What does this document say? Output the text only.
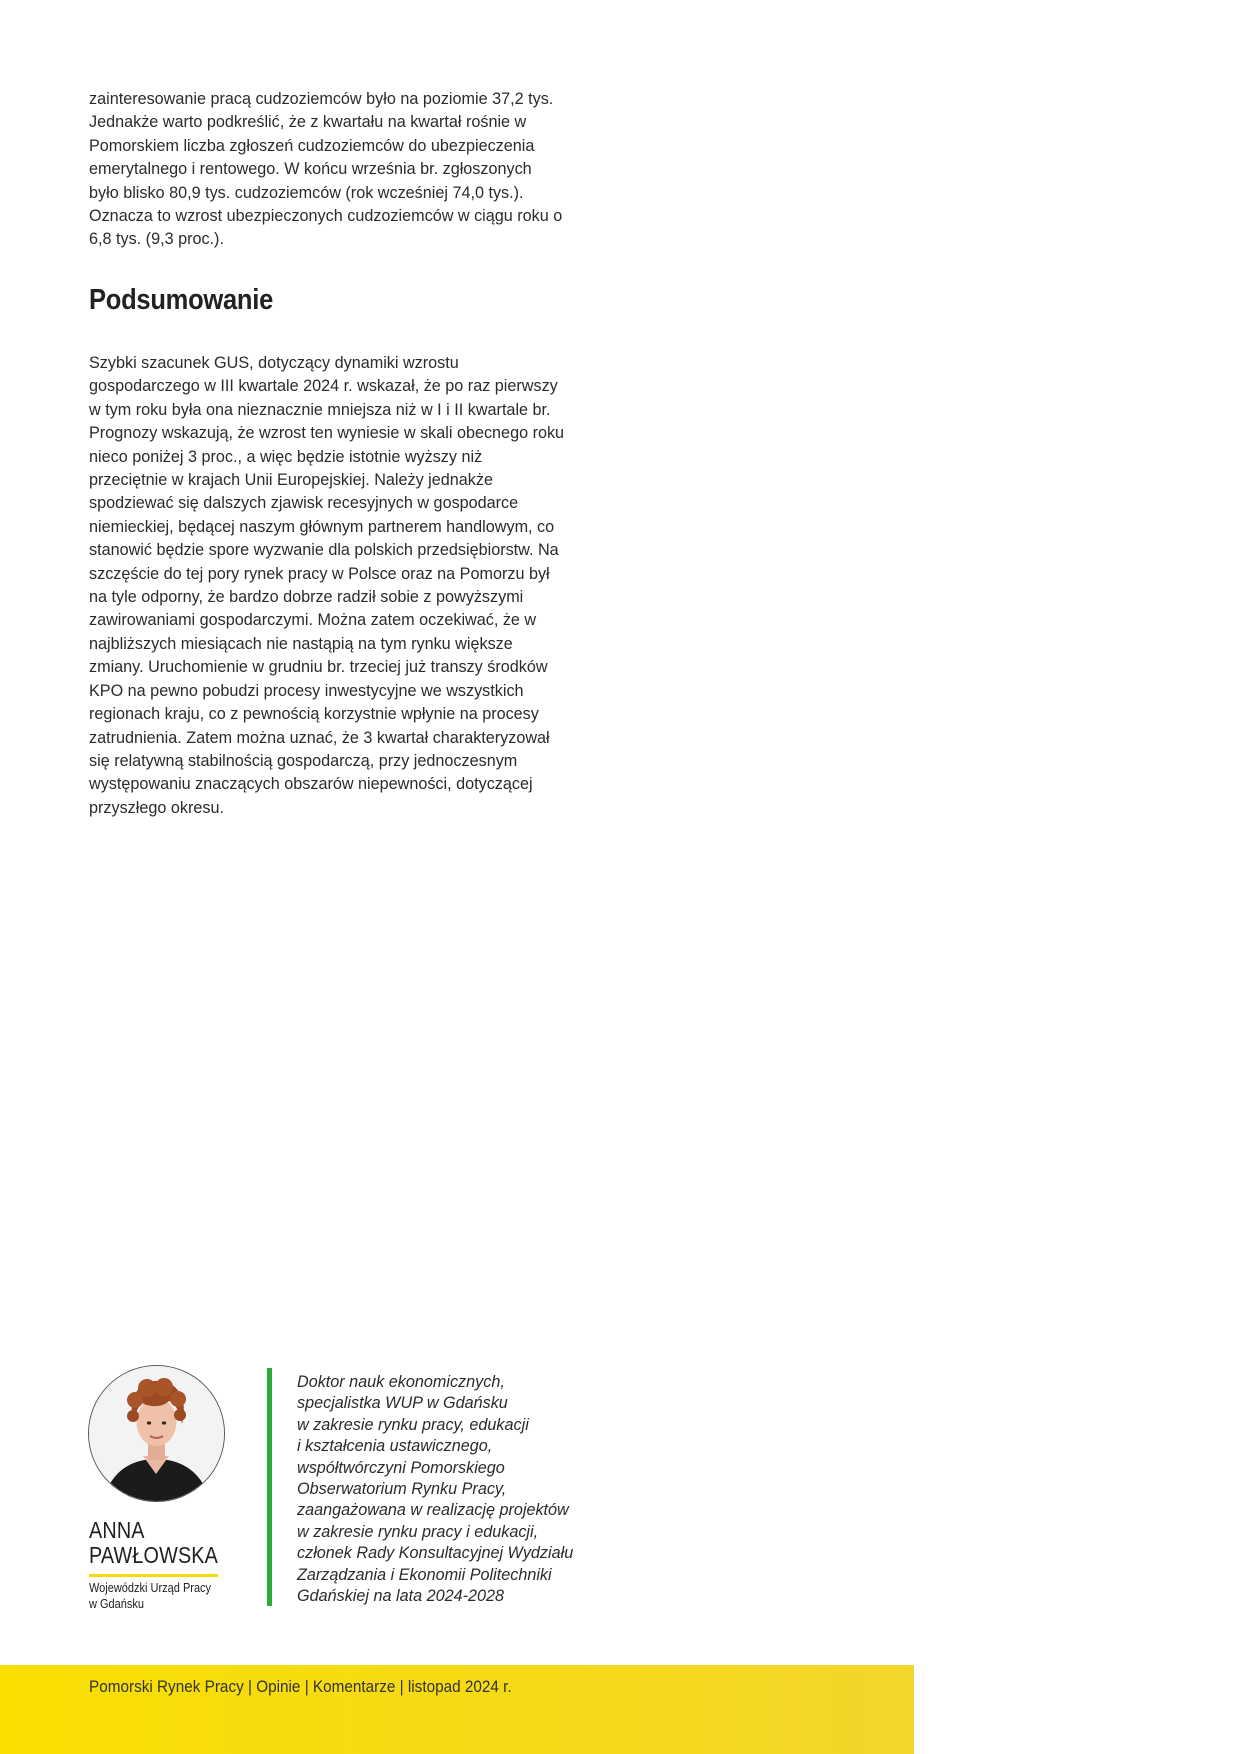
zainteresowanie pracą cudzoziemców było na poziomie 37,2 tys.
Jednakże warto podkreślić, że z kwartału na kwartał rośnie w
Pomorskiem liczba zgłoszeń cudzoziemców do ubezpieczenia
emerytalnego i rentowego. W końcu września br. zgłoszonych
było blisko 80,9 tys. cudzoziemców (rok wcześniej 74,0 tys.).
Oznacza to wzrost ubezpieczonych cudzoziemców w ciągu roku o
6,8 tys. (9,3 proc.).
Podsumowanie
Szybki szacunek GUS, dotyczący dynamiki wzrostu
gospodarczego w III kwartale 2024 r. wskazał, że po raz pierwszy
w tym roku była ona nieznacznie mniejsza niż w I i II kwartale br.
Prognozy wskazują, że wzrost ten wyniesie w skali obecnego roku
nieco poniżej 3 proc., a więc będzie istotnie wyższy niż
przeciętnie w krajach Unii Europejskiej. Należy jednakże
spodziewać się dalszych zjawisk recesyjnych w gospodarce
niemieckiej, będącej naszym głównym partnerem handlowym, co
stanowić będzie spore wyzwanie dla polskich przedsiębiorstw. Na
szczęście do tej pory rynek pracy w Polsce oraz na Pomorzu był
na tyle odporny, że bardzo dobrze radził sobie z powyższymi
zawirowaniami gospodarczymi. Można zatem oczekiwać, że w
najbliższych miesiącach nie nastąpią na tym rynku większe
zmiany. Uruchomienie w grudniu br. trzeciej już transzy środków
KPO na pewno pobudzi procesy inwestycyjne we wszystkich
regionach kraju, co z pewnością korzystnie wpłynie na procesy
zatrudnienia. Zatem można uznać, że 3 kwartał charakteryzował
się relatywną stabilnością gospodarczą, przy jednoczesnym
występowaniu znaczących obszarów niepewności, dotyczącej
przyszłego okresu.
ANNA
PAWŁOWSKA
Wojewódzki Urząd Pracy
w Gdańsku
Doktor nauk ekonomicznych,
specjalistka WUP w Gdańsku
w zakresie rynku pracy, edukacji
i kształcenia ustawicznego,
współtwórczyni Pomorskiego
Obserwatorium Rynku Pracy,
zaangażowana w realizację projektów
w zakresie rynku pracy i edukacji,
członek Rady Konsultacyjnej Wydziału
Zarządzania i Ekonomii Politechniki
Gdańskiej na lata 2024-2028
Pomorski Rynek Pracy | Opinie | Komentarze | listopad 2024 r.
